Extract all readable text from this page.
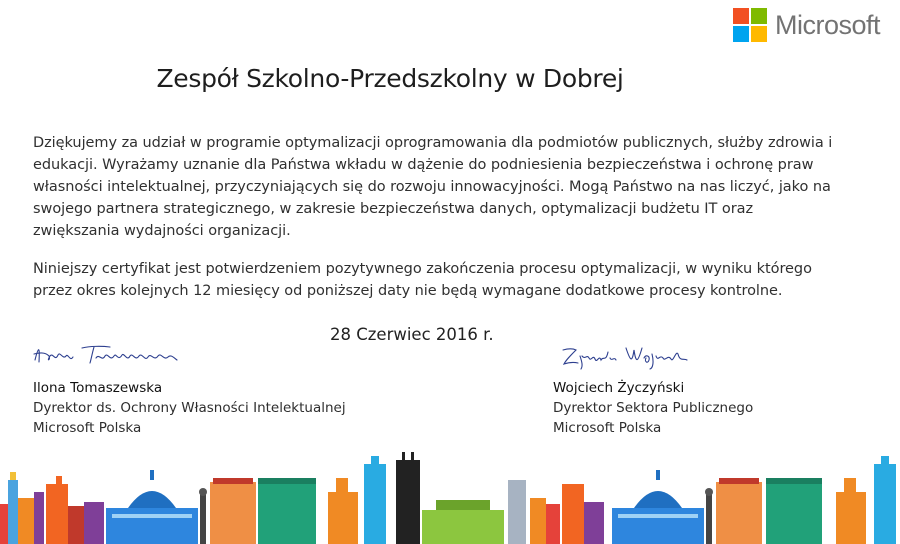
Microsoft
Zespół Szkolno-Przedszkolny w Dobrej

Dziękujemy za udział w programie optymalizacji oprogramowania dla podmiotów publicznych, służby zdrowia i edukacji. Wyrażamy uznanie dla Państwa wkładu w dążenie do podniesienia bezpieczeństwa i ochronę praw własności intelektualnej, przyczyniających się do rozwoju innowacyjności. Mogą Państwo na nas liczyć, jako na swojego partnera strategicznego, w zakresie bezpieczeństwa danych, optymalizacji budżetu IT oraz zwiększania wydajności organizacji.

Niniejszy certyfikat jest potwierdzeniem pozytywnego zakończenia procesu optymalizacji, w wyniku którego przez okres kolejnych 12 miesięcy od poniższej daty nie będą wymagane dodatkowe procesy kontrolne.

28 Czerwiec 2016 r.
Ilona Tomaszewska
Dyrektor ds. Ochrony Własności Intelektualnej
Microsoft Polska
Wojciech Życzyński
Dyrektor Sektora Publicznego
Microsoft Polska
